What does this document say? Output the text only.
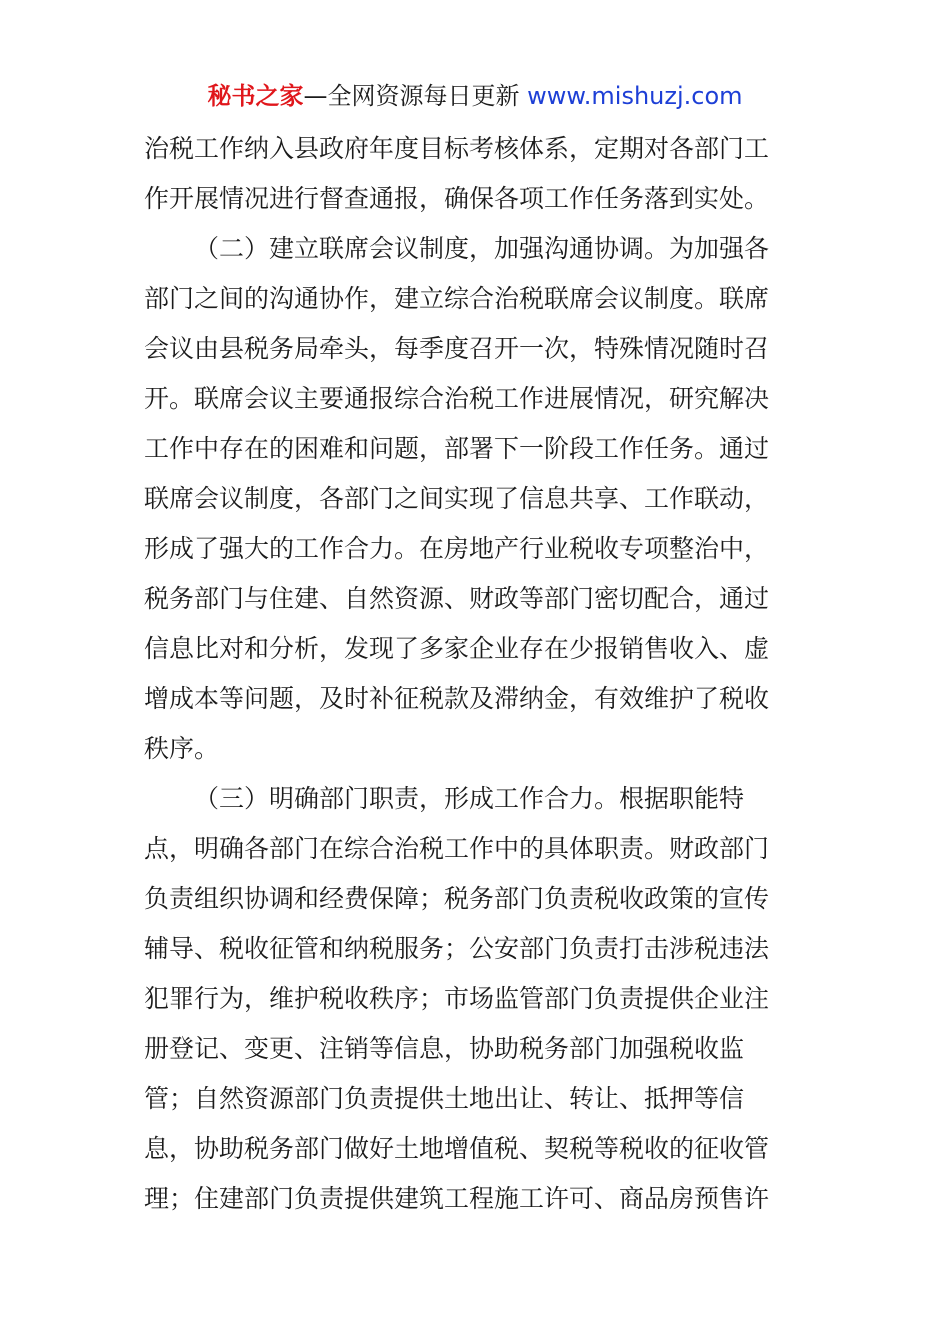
秘书之家—全网资源每日更新 www.mishuzj.com

治税工作纳入县政府年度目标考核体系，定期对各部门工
作开展情况进行督查通报，确保各项工作任务落到实处。

（二）建立联席会议制度，加强沟通协调。为加强各
部门之间的沟通协作，建立综合治税联席会议制度。联席
会议由县税务局牵头，每季度召开一次，特殊情况随时召
开。联席会议主要通报综合治税工作进展情况，研究解决
工作中存在的困难和问题，部署下一阶段工作任务。通过
联席会议制度，各部门之间实现了信息共享、工作联动，
形成了强大的工作合力。在房地产行业税收专项整治中，
税务部门与住建、自然资源、财政等部门密切配合，通过
信息比对和分析，发现了多家企业存在少报销售收入、虚
增成本等问题，及时补征税款及滞纳金，有效维护了税收
秩序。

（三）明确部门职责，形成工作合力。根据职能特
点，明确各部门在综合治税工作中的具体职责。财政部门
负责组织协调和经费保障；税务部门负责税收政策的宣传
辅导、税收征管和纳税服务；公安部门负责打击涉税违法
犯罪行为，维护税收秩序；市场监管部门负责提供企业注
册登记、变更、注销等信息，协助税务部门加强税收监
管；自然资源部门负责提供土地出让、转让、抵押等信
息，协助税务部门做好土地增值税、契税等税收的征收管
理；住建部门负责提供建筑工程施工许可、商品房预售许
